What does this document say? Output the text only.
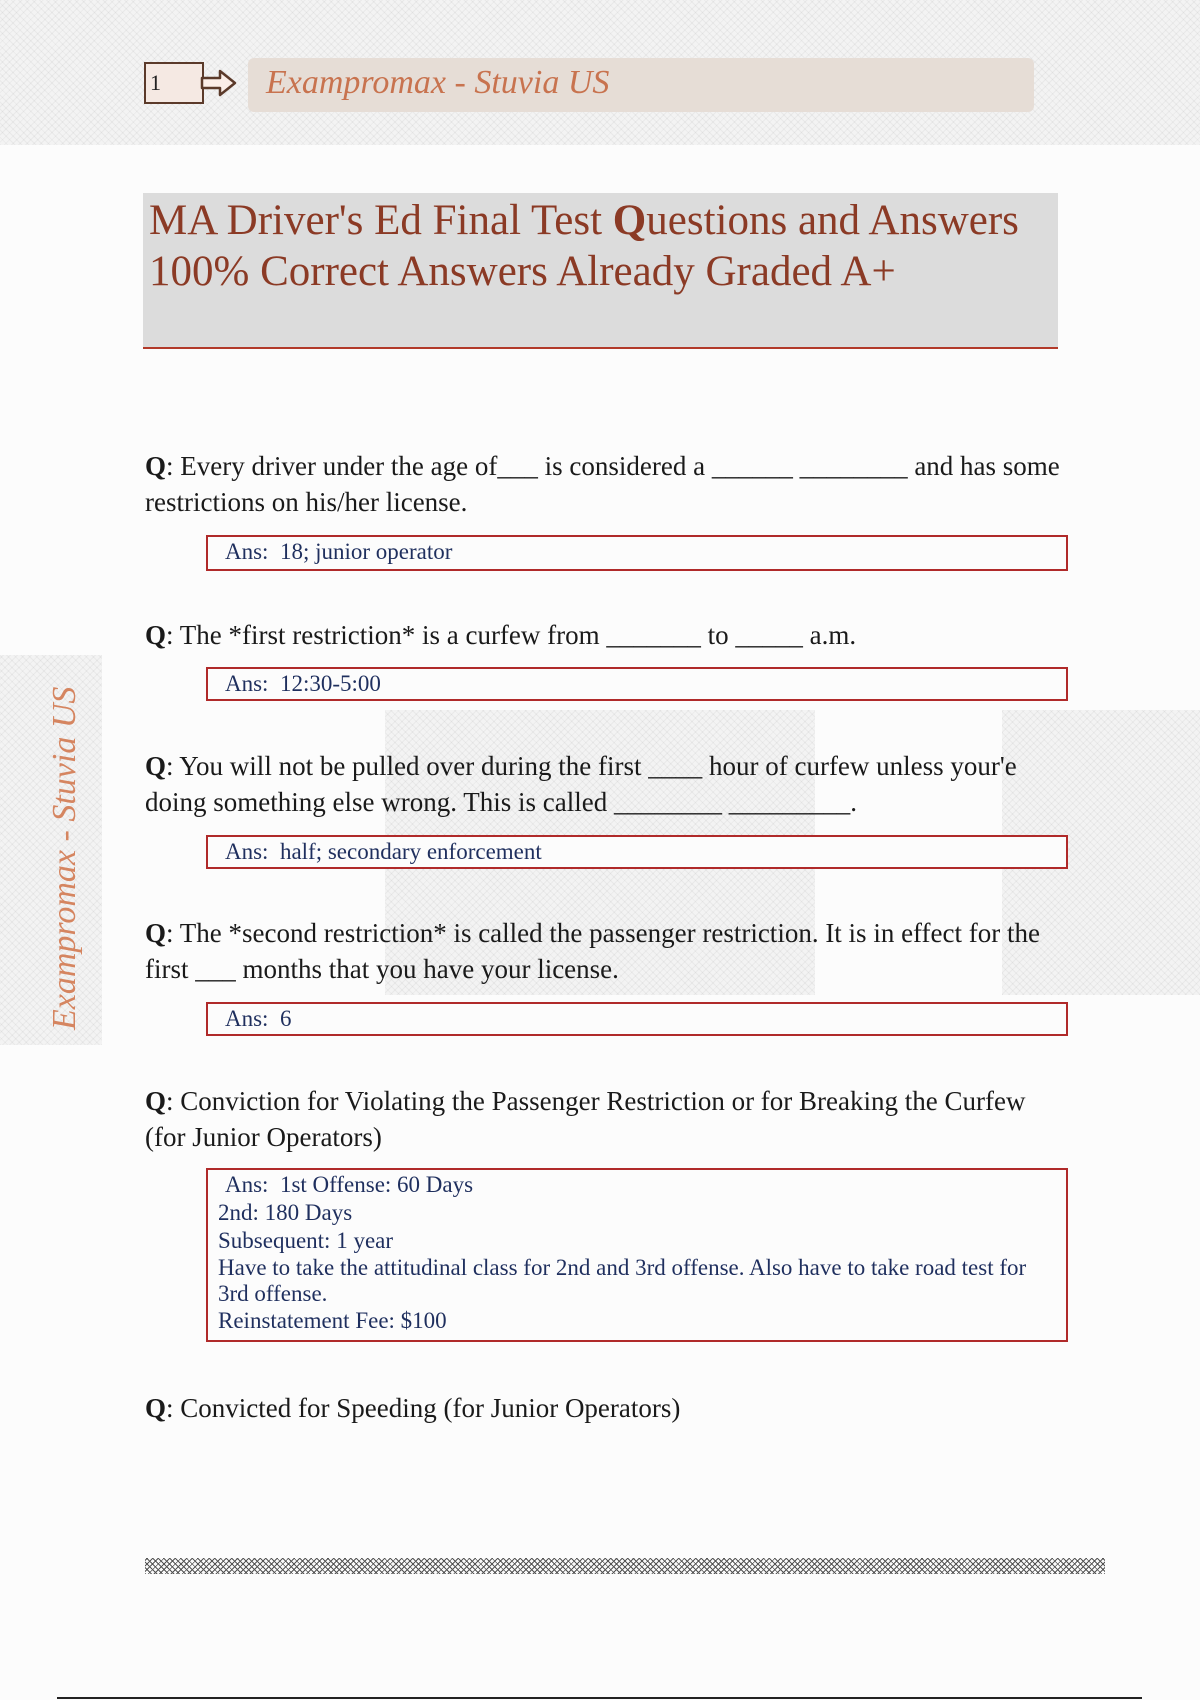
1	Exampromax - Stuvia US
MA Driver's Ed Final Test Questions and Answers 100% Correct Answers Already Graded A+
Exampromax - Stuvia US
Q: Every driver under the age of___ is considered a ______ ________ and has some restrictions on his/her license.
Ans:  18; junior operator
Q: The *first restriction* is a curfew from _______ to _____ a.m.
Ans:  12:30-5:00
Q: You will not be pulled over during the first ____ hour of curfew unless your'e doing something else wrong. This is called ________ _________.
Ans:  half; secondary enforcement
Q: The *second restriction* is called the passenger restriction. It is in effect for the first ___ months that you have your license.
Ans:  6
Q: Conviction for Violating the Passenger Restriction or for Breaking the Curfew (for Junior Operators)
Ans:  1st Offense: 60 Days
2nd: 180 Days
Subsequent: 1 year
Have to take the attitudinal class for 2nd and 3rd offense. Also have to take road test for 3rd offense.
Reinstatement Fee: $100
Q: Convicted for Speeding (for Junior Operators)
